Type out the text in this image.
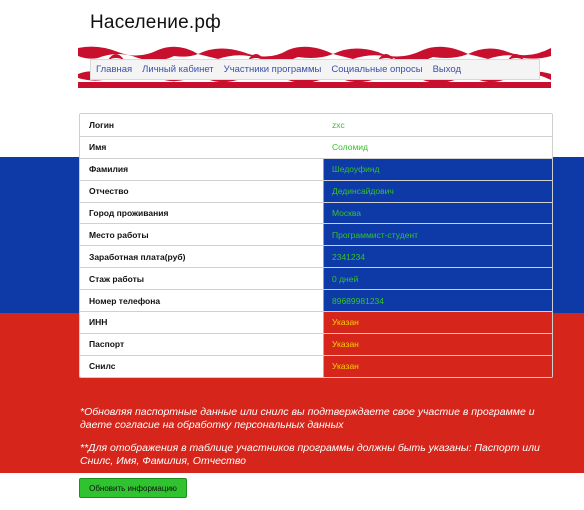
Население.рф
Главная	Личный кабинет	Участники программы	Социальные опросы	Выход
Логин	zxc
Имя	Соломид
Фамилия	Шедоуфинд
Отчество	Дединсайдович
Город проживания	Москва
Место работы	Программист-студент
Заработная плата(руб)	2341234
Стаж работы	0 дней
Номер телефона	89689981234
ИНН	Указан
Паспорт	Указан
Снилс	Указан

*Обновляя паспортные данные или снилс вы подтверждаете свое участие в программе и даете согласие на обработку персональных данных

**Для отображения в таблице участников программы должны быть указаны: Паспорт или Снилс, Имя, Фамилия, Отчество

Обновить информацию
